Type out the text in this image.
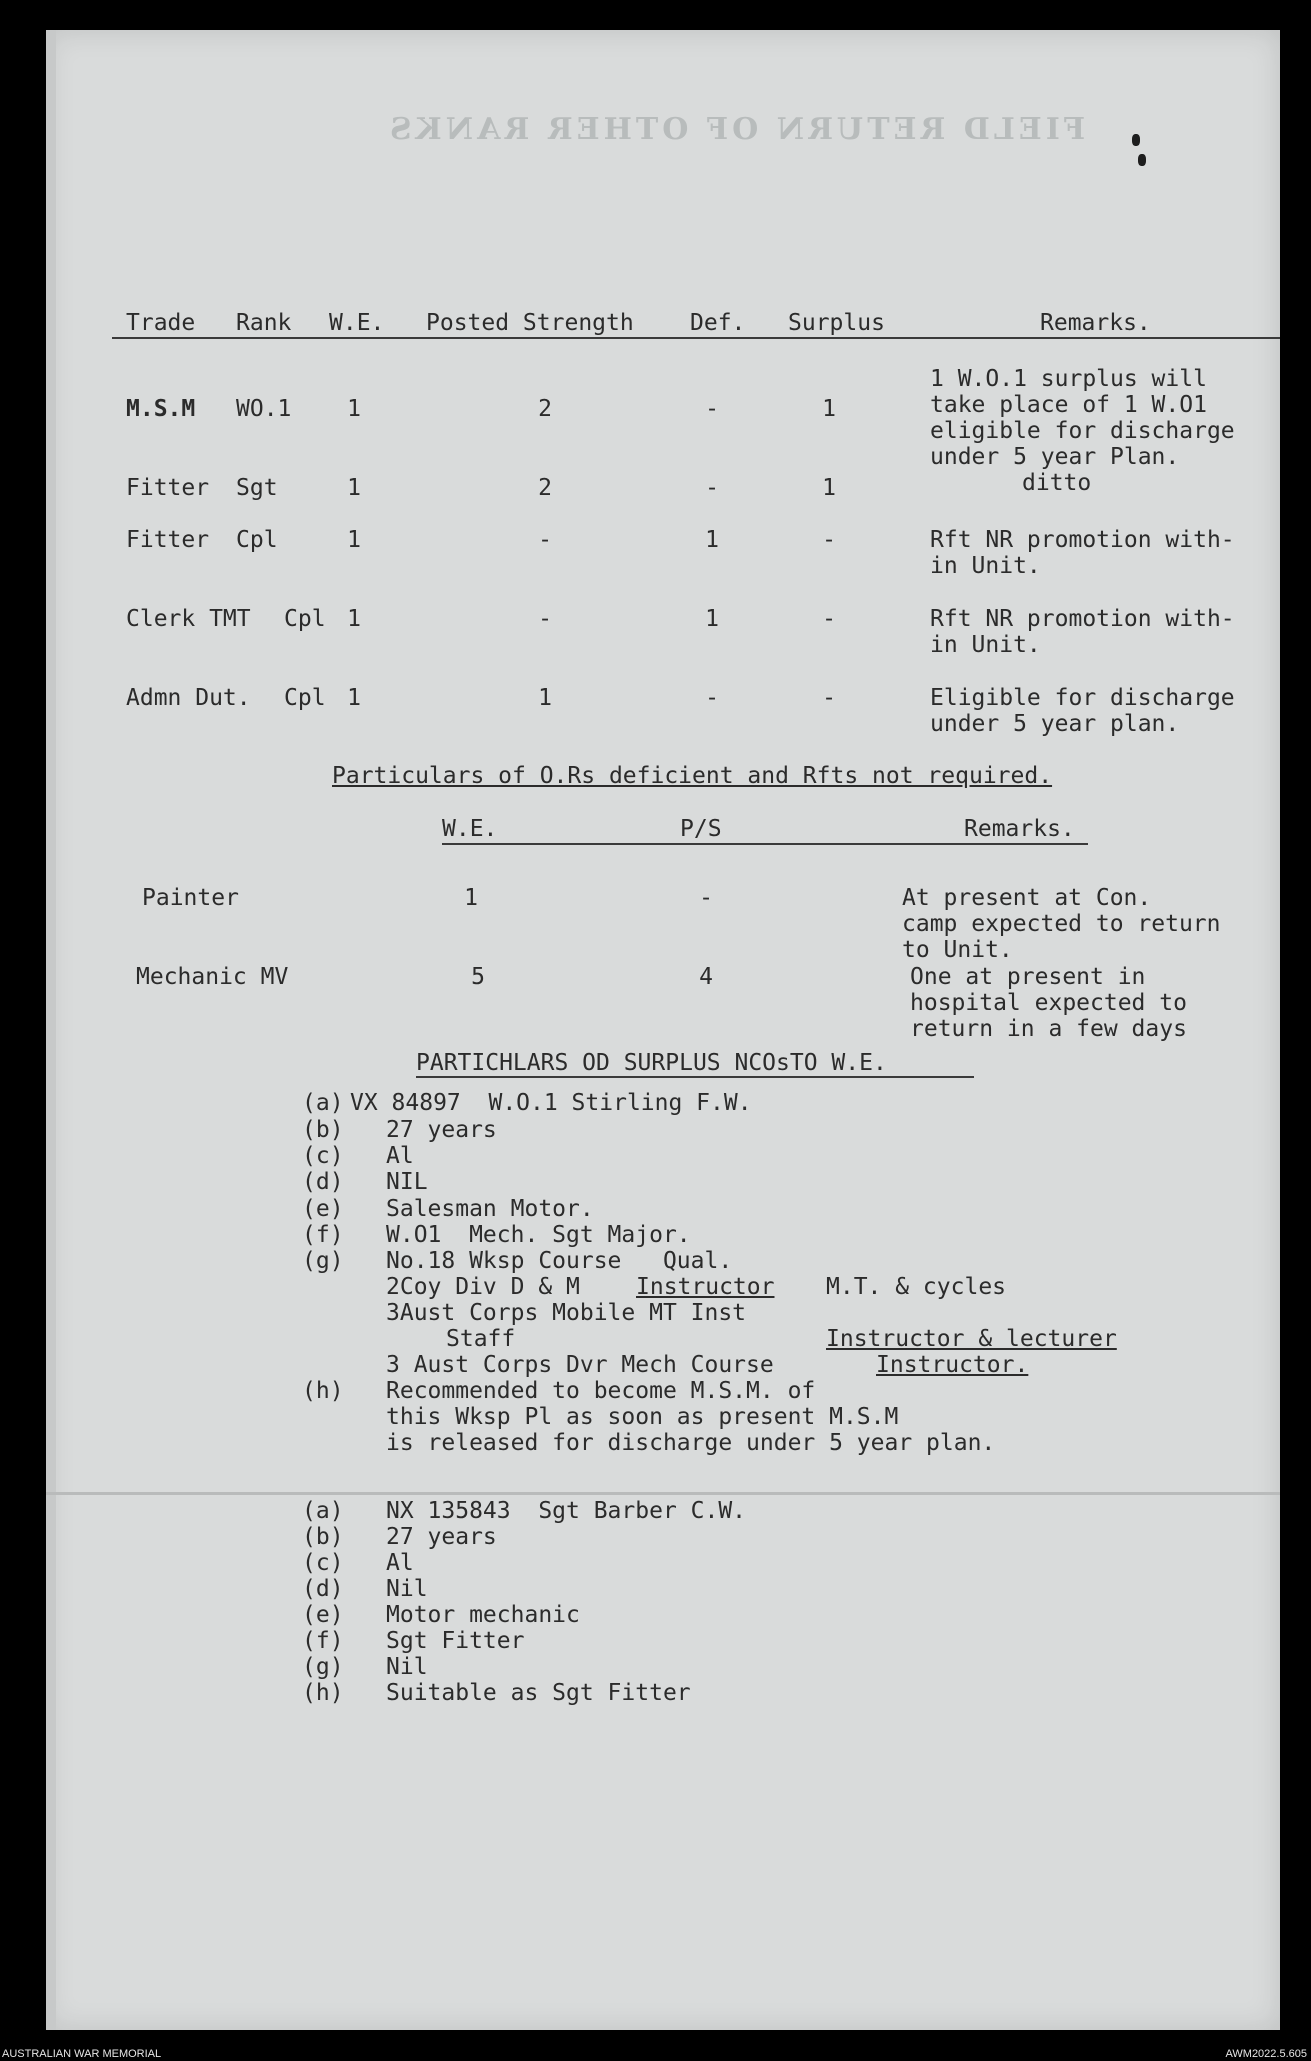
FIELD RETURN OF OTHER RANKS
Trade Rank W.E. Posted Strength Def. Surplus	Remarks.
M.S.M WO.1 1	2	-	1
1 W.O.1 surplus will
take place of 1 W.O1
eligible for discharge
under 5 year Plan.
Fitter Sgt	1	2	-	1	ditto
Fitter Cpl	1	-	1	-	Rft NR promotion with-
in Unit.
Clerk TMT Cpl 1	-	1	-	Rft NR promotion with-
in Unit.
Admn Dut. Cpl 1	1	-	-	Eligible for discharge
under 5 year plan.
Particulars of O.Rs deficient and Rfts not required.
W.E.	P/S	Remarks.
Painter	1	-	At present at Con.
camp expected to return
to Unit.
Mechanic MV	5	4	One at present in
hospital expected to
return in a few days
PARTICHLARS OD SURPLUS NCOsTO W.E.
(a) VX 84897  W.O.1 Stirling F.W.
(b) 27 years
(c) Al
(d) NIL
(e) Salesman Motor.
(f) W.O1  Mech. Sgt Major.
(g) No.18 Wksp Course   Qual.
2Coy Div D & M Instructor M.T. & cycles
3Aust Corps Mobile MT Inst
Staff	Instructor & lecturer
3 Aust Corps Dvr Mech Course	Instructor.
(h) Recommended to become M.S.M. of
this Wksp Pl as soon as present M.S.M
is released for discharge under 5 year plan.
(a) NX 135843  Sgt Barber C.W.
(b) 27 years
(c) Al
(d) Nil
(e) Motor mechanic
(f) Sgt Fitter
(g) Nil
(h) Suitable as Sgt Fitter
AUSTRALIAN WAR MEMORIAL	AWM2022.5.605
